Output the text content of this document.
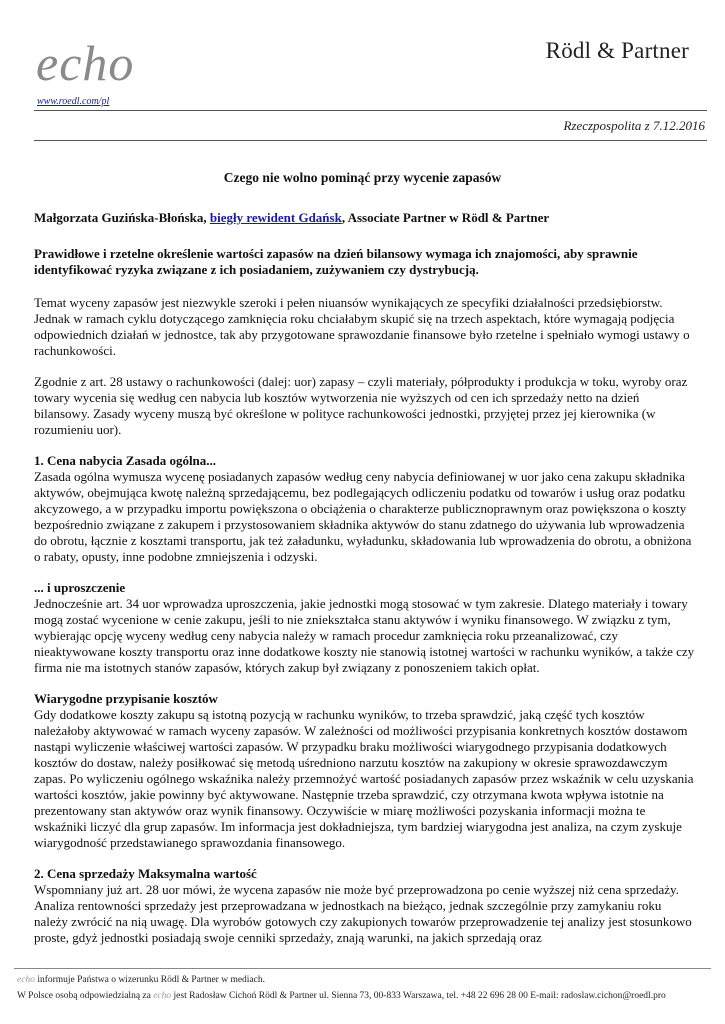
echo
www.roedl.com/pl
Rödl & Partner
Rzeczpospolita z 7.12.2016
Czego nie wolno pominąć przy wycenie zapasów
Małgorzata Guzińska-Błońska, biegły rewident Gdańsk, Associate Partner w Rödl & Partner
Prawidłowe i rzetelne określenie wartości zapasów na dzień bilansowy wymaga ich znajomości, aby sprawnie identyfikować ryzyka związane z ich posiadaniem, zużywaniem czy dystrybucją.

Temat wyceny zapasów jest niezwykle szeroki i pełen niuansów wynikających ze specyfiki działalności przedsiębiorstw. Jednak w ramach cyklu dotyczącego zamknięcia roku chciałabym skupić się na trzech aspektach, które wymagają podjęcia odpowiednich działań w jednostce, tak aby przygotowane sprawozdanie finansowe było rzetelne i spełniało wymogi ustawy o rachunkowości.

Zgodnie z art. 28 ustawy o rachunkowości (dalej: uor) zapasy – czyli materiały, półprodukty i produkcja w toku, wyroby oraz towary wycenia się według cen nabycia lub kosztów wytworzenia nie wyższych od cen ich sprzedaży netto na dzień bilansowy. Zasady wyceny muszą być określone w polityce rachunkowości jednostki, przyjętej przez jej kierownika (w rozumieniu uor).

1. Cena nabycia Zasada ogólna...
Zasada ogólna wymusza wycenę posiadanych zapasów według ceny nabycia definiowanej w uor jako cena zakupu składnika aktywów, obejmująca kwotę należną sprzedającemu, bez podlegających odliczeniu podatku od towarów i usług oraz podatku akcyzowego, a w przypadku importu powiększona o obciążenia o charakterze publicznoprawnym oraz powiększona o koszty bezpośrednio związane z zakupem i przystosowaniem składnika aktywów do stanu zdatnego do używania lub wprowadzenia do obrotu, łącznie z kosztami transportu, jak też załadunku, wyładunku, składowania lub wprowadzenia do obrotu, a obniżona o rabaty, opusty, inne podobne zmniejszenia i odzyski.
... i uproszczenie
Jednocześnie art. 34 uor wprowadza uproszczenia, jakie jednostki mogą stosować w tym zakresie. Dlatego materiały i towary mogą zostać wycenione w cenie zakupu, jeśli to nie zniekształca stanu aktywów i wyniku finansowego. W związku z tym, wybierając opcję wyceny według ceny nabycia należy w ramach procedur zamknięcia roku przeanalizować, czy nieaktywowane koszty transportu oraz inne dodatkowe koszty nie stanowią istotnej wartości w rachunku wyników, a także czy firma nie ma istotnych stanów zapasów, których zakup był związany z ponoszeniem takich opłat.
Wiarygodne przypisanie kosztów
Gdy dodatkowe koszty zakupu są istotną pozycją w rachunku wyników, to trzeba sprawdzić, jaką część tych kosztów należałoby aktywować w ramach wyceny zapasów. W zależności od możliwości przypisania konkretnych kosztów dostawom nastąpi wyliczenie właściwej wartości zapasów. W przypadku braku możliwości wiarygodnego przypisania dodatkowych kosztów do dostaw, należy posiłkować się metodą uśredniono narzutu kosztów na zakupiony w okresie sprawozdawczym zapas. Po wyliczeniu ogólnego wskaźnika należy przemnożyć wartość posiadanych zapasów przez wskaźnik w celu uzyskania wartości kosztów, jakie powinny być aktywowane. Następnie trzeba sprawdzić, czy otrzymana kwota wpływa istotnie na prezentowany stan aktywów oraz wynik finansowy. Oczywiście w miarę możliwości pozyskania informacji można te wskaźniki liczyć dla grup zapasów. Im informacja jest dokładniejsza, tym bardziej wiarygodna jest analiza, na czym zyskuje wiarygodność przedstawianego sprawozdania finansowego.
2. Cena sprzedaży Maksymalna wartość
Wspomniany już art. 28 uor mówi, że wycena zapasów nie może być przeprowadzona po cenie wyższej niż cena sprzedaży. Analiza rentowności sprzedaży jest przeprowadzana w jednostkach na bieżąco, jednak szczególnie przy zamykaniu roku należy zwrócić na nią uwagę. Dla wyrobów gotowych czy zakupionych towarów przeprowadzenie tej analizy jest stosunkowo proste, gdyż jednostki posiadają swoje cenniki sprzedaży, znają warunki, na jakich sprzedają oraz
echo informuje Państwa o wizerunku Rödl & Partner w mediach.
W Polsce osobą odpowiedzialną za echo jest Radosław Cichoń Rödl & Partner ul. Sienna 73, 00-833 Warszawa, tel. +48 22 696 28 00 E-mail: radoslaw.cichon@roedl.pro
